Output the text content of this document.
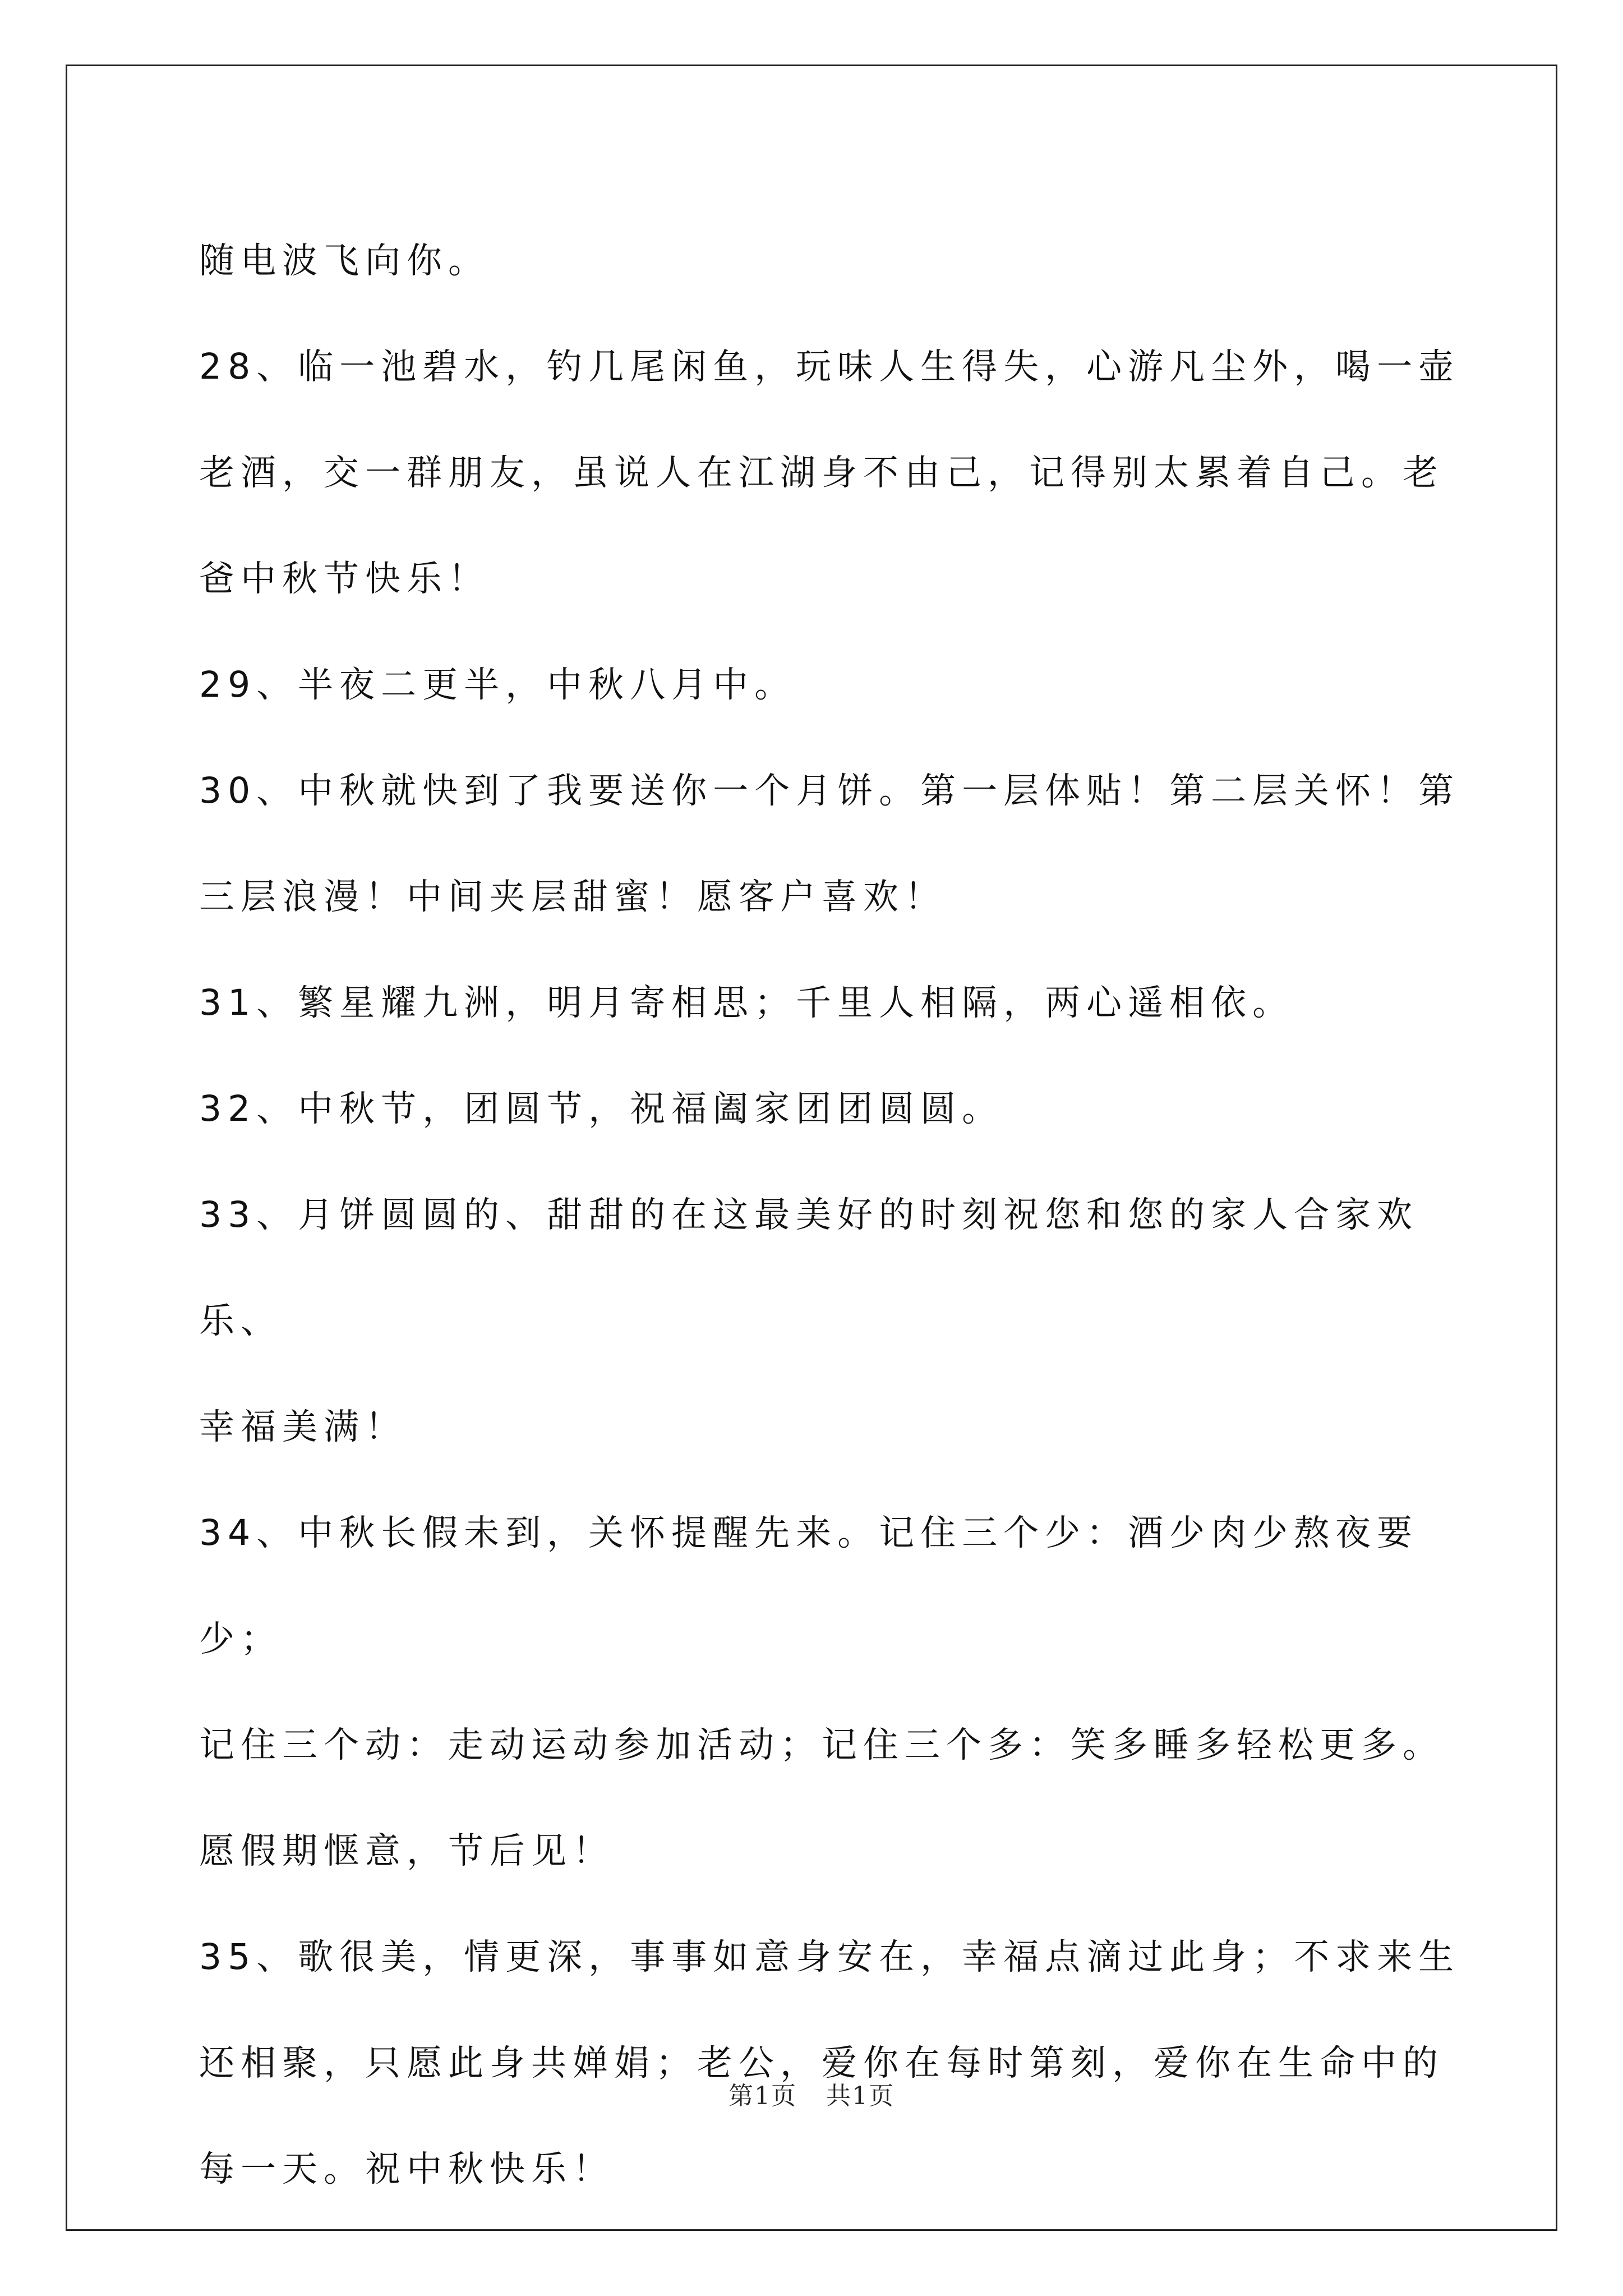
随电波飞向你。

28、临一池碧水，钓几尾闲鱼，玩味人生得失，心游凡尘外，喝一壶

老酒，交一群朋友，虽说人在江湖身不由己，记得别太累着自己。老

爸中秋节快乐！

29、半夜二更半，中秋八月中。

30、中秋就快到了我要送你一个月饼。第一层体贴！第二层关怀！第

三层浪漫！中间夹层甜蜜！愿客户喜欢！

31、繁星耀九洲，明月寄相思；千里人相隔，两心遥相依。

32、中秋节，团圆节，祝福阖家团团圆圆。

33、月饼圆圆的、甜甜的在这最美好的时刻祝您和您的家人合家欢乐、

幸福美满！

34、中秋长假未到，关怀提醒先来。记住三个少：酒少肉少熬夜要少；

记住三个动：走动运动参加活动；记住三个多：笑多睡多轻松更多。

愿假期惬意，节后见！

35、歌很美，情更深，事事如意身安在，幸福点滴过此身；不求来生

还相聚，只愿此身共婵娟；老公，爱你在每时第刻，爱你在生命中的

每一天。祝中秋快乐！

第1页 共1页
